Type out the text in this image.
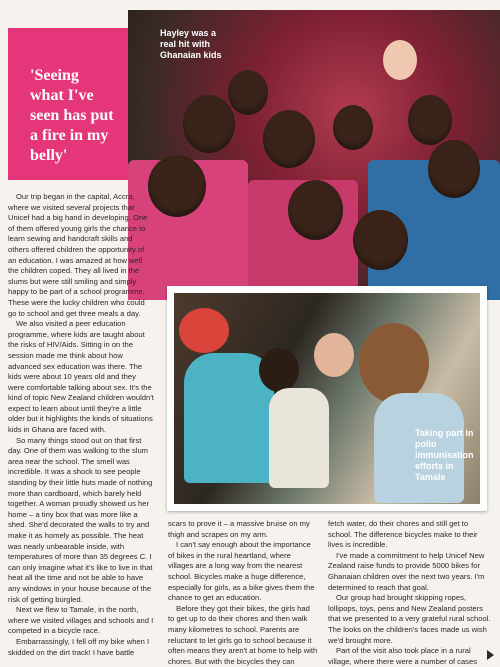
Hayley was a real hit with Ghanaian kids

'Seeing what I've seen has put a fire in my belly'

Taking part in polio immunisation efforts in Tamale

Our trip began in the capital, Accra, where we visited several projects that Unicef had a big hand in developing. One of them offered young girls the chance to learn sewing and handcraft skills and others offered children the opportunity of an education. I was amazed at how well the children coped. They all lived in the slums but were still smiling and simply happy to be part of a school programme. These were the lucky children who could go to school and get three meals a day.

We also visited a peer education programme, where kids are taught about the risks of HIV/Aids. Sitting in on the session made me think about how advanced sex education was there. The kids were about 10 years old and they were comfortable talking about sex. It's the kind of topic New Zealand children wouldn't expect to learn about until they're a little older but it highlights the kinds of situations kids in Ghana are faced with.

So many things stood out on that first day. One of them was walking to the slum area near the school. The smell was incredible. It was a shock to see people standing by their little huts made of nothing more than cardboard, which barely held together. A woman proudly showed us her home – a tiny box that was more like a shed. She'd decorated the walls to try and make it as homely as possible. The heat was nearly unbearable inside, with temperatures of more than 35 degrees C. I can only imagine what it's like to live in that heat all the time and not be able to have any windows in your house because of the risk of getting burgled.

Next we flew to Tamale, in the north, where we visited villages and schools and I competed in a bicycle race.

Embarrassingly, I fell off my bike when I skidded on the dirt track! I have battle

scars to prove it – a massive bruise on my thigh and scrapes on my arm.

I can't say enough about the importance of bikes in the rural heartland, where villages are a long way from the nearest school. Bicycles make a huge difference, especially for girls, as a bike gives them the chance to get an education.

Before they got their bikes, the girls had to get up to do their chores and then walk many kilometres to school. Parents are reluctant to let girls go to school because it often means they aren't at home to help with chores. But with the bicycles they can

fetch water, do their chores and still get to school. The difference bicycles make to their lives is incredible.

I've made a commitment to help Unicef New Zealand raise funds to provide 5000 bikes for Ghanaian children over the next two years. I'm determined to reach that goal.

Our group had brought skipping ropes, lollipops, toys, pens and New Zealand posters that we presented to a very grateful rural school. The looks on the children's faces made us wish we'd brought more.

Part of the visit also took place in a rural village, where there were a number of cases
